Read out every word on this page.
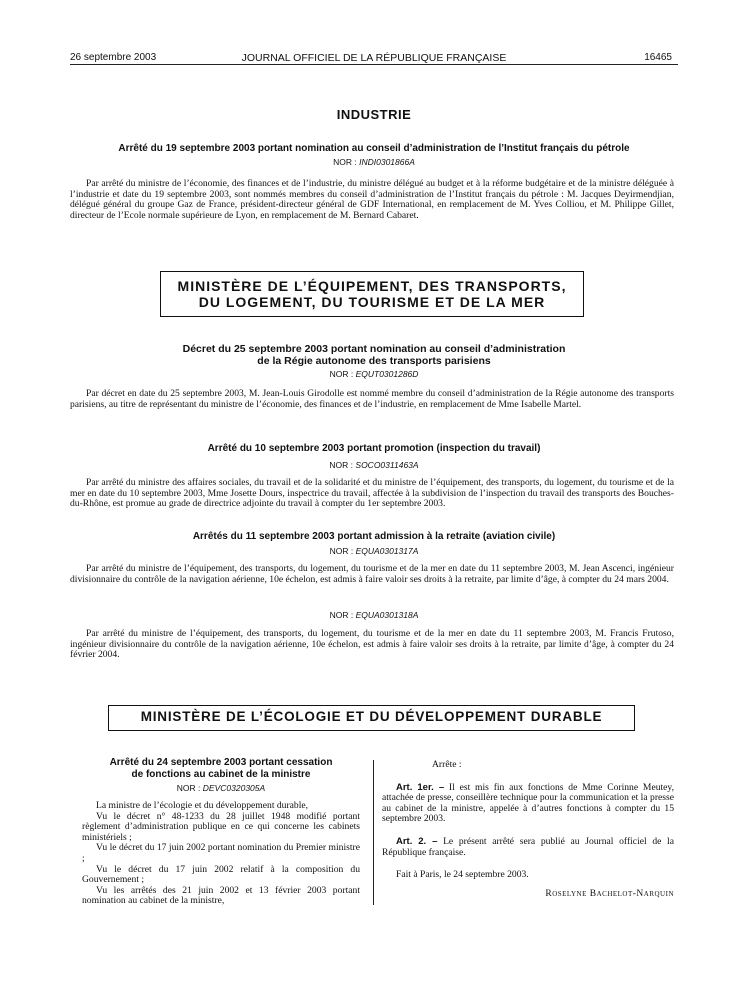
26 septembre 2003	JOURNAL OFFICIEL DE LA RÉPUBLIQUE FRANÇAISE	16465
INDUSTRIE
Arrêté du 19 septembre 2003 portant nomination au conseil d’administration de l’Institut français du pétrole
NOR : INDI0301866A
Par arrêté du ministre de l’économie, des finances et de l’industrie, du ministre délégué au budget et à la réforme budgétaire et de la ministre déléguée à l’industrie et date du 19 septembre 2003, sont nommés membres du conseil d’administration de l’Institut français du pétrole : M. Jacques Deyirmendjian, délégué général du groupe Gaz de France, président-directeur général de GDF International, en remplacement de M. Yves Colliou, et M. Philippe Gillet, directeur de l’Ecole normale supérieure de Lyon, en remplacement de M. Bernard Cabaret.
MINISTÈRE DE L’ÉQUIPEMENT, DES TRANSPORTS,
DU LOGEMENT, DU TOURISME ET DE LA MER
Décret du 25 septembre 2003 portant nomination au conseil d’administration
de la Régie autonome des transports parisiens
NOR : EQUT0301286D
Par décret en date du 25 septembre 2003, M. Jean-Louis Girodolle est nommé membre du conseil d’administration de la Régie autonome des transports parisiens, au titre de représentant du ministre de l’économie, des finances et de l’industrie, en remplacement de Mme Isabelle Martel.
Arrêté du 10 septembre 2003 portant promotion (inspection du travail)
NOR : SOCO0311463A
Par arrêté du ministre des affaires sociales, du travail et de la solidarité et du ministre de l’équipement, des transports, du logement, du tourisme et de la mer en date du 10 septembre 2003, Mme Josette Dours, inspectrice du travail, affectée à la subdivision de l’inspection du travail des transports des Bouches-du-Rhône, est promue au grade de directrice adjointe du travail à compter du 1er septembre 2003.
Arrêtés du 11 septembre 2003 portant admission à la retraite (aviation civile)
NOR : EQUA0301317A
Par arrêté du ministre de l’équipement, des transports, du logement, du tourisme et de la mer en date du 11 septembre 2003, M. Jean Ascenci, ingénieur divisionnaire du contrôle de la navigation aérienne, 10e échelon, est admis à faire valoir ses droits à la retraite, par limite d’âge, à compter du 24 mars 2004.
NOR : EQUA0301318A
Par arrêté du ministre de l’équipement, des transports, du logement, du tourisme et de la mer en date du 11 septembre 2003, M. Francis Frutoso, ingénieur divisionnaire du contrôle de la navigation aérienne, 10e échelon, est admis à faire valoir ses droits à la retraite, par limite d’âge, à compter du 24 février 2004.
MINISTÈRE DE L’ÉCOLOGIE ET DU DÉVELOPPEMENT DURABLE
Arrêté du 24 septembre 2003 portant cessation
de fonctions au cabinet de la ministre
NOR : DEVC0320305A

La ministre de l’écologie et du développement durable,

Vu le décret n° 48-1233 du 28 juillet 1948 modifié portant règlement d’administration publique en ce qui concerne les cabinets ministériels ;

Vu le décret du 17 juin 2002 portant nomination du Premier ministre ;

Vu le décret du 17 juin 2002 relatif à la composition du Gouvernement ;

Vu les arrêtés des 21 juin 2002 et 13 février 2003 portant nomination au cabinet de la ministre,

Arrête :

Art. 1er. – Il est mis fin aux fonctions de Mme Corinne Meutey, attachée de presse, conseillère technique pour la communication et la presse au cabinet de la ministre, appelée à d’autres fonctions à compter du 15 septembre 2003.

Art. 2. – Le présent arrêté sera publié au Journal officiel de la République française.

Fait à Paris, le 24 septembre 2003.

Roselyne Bachelot-Narquin
